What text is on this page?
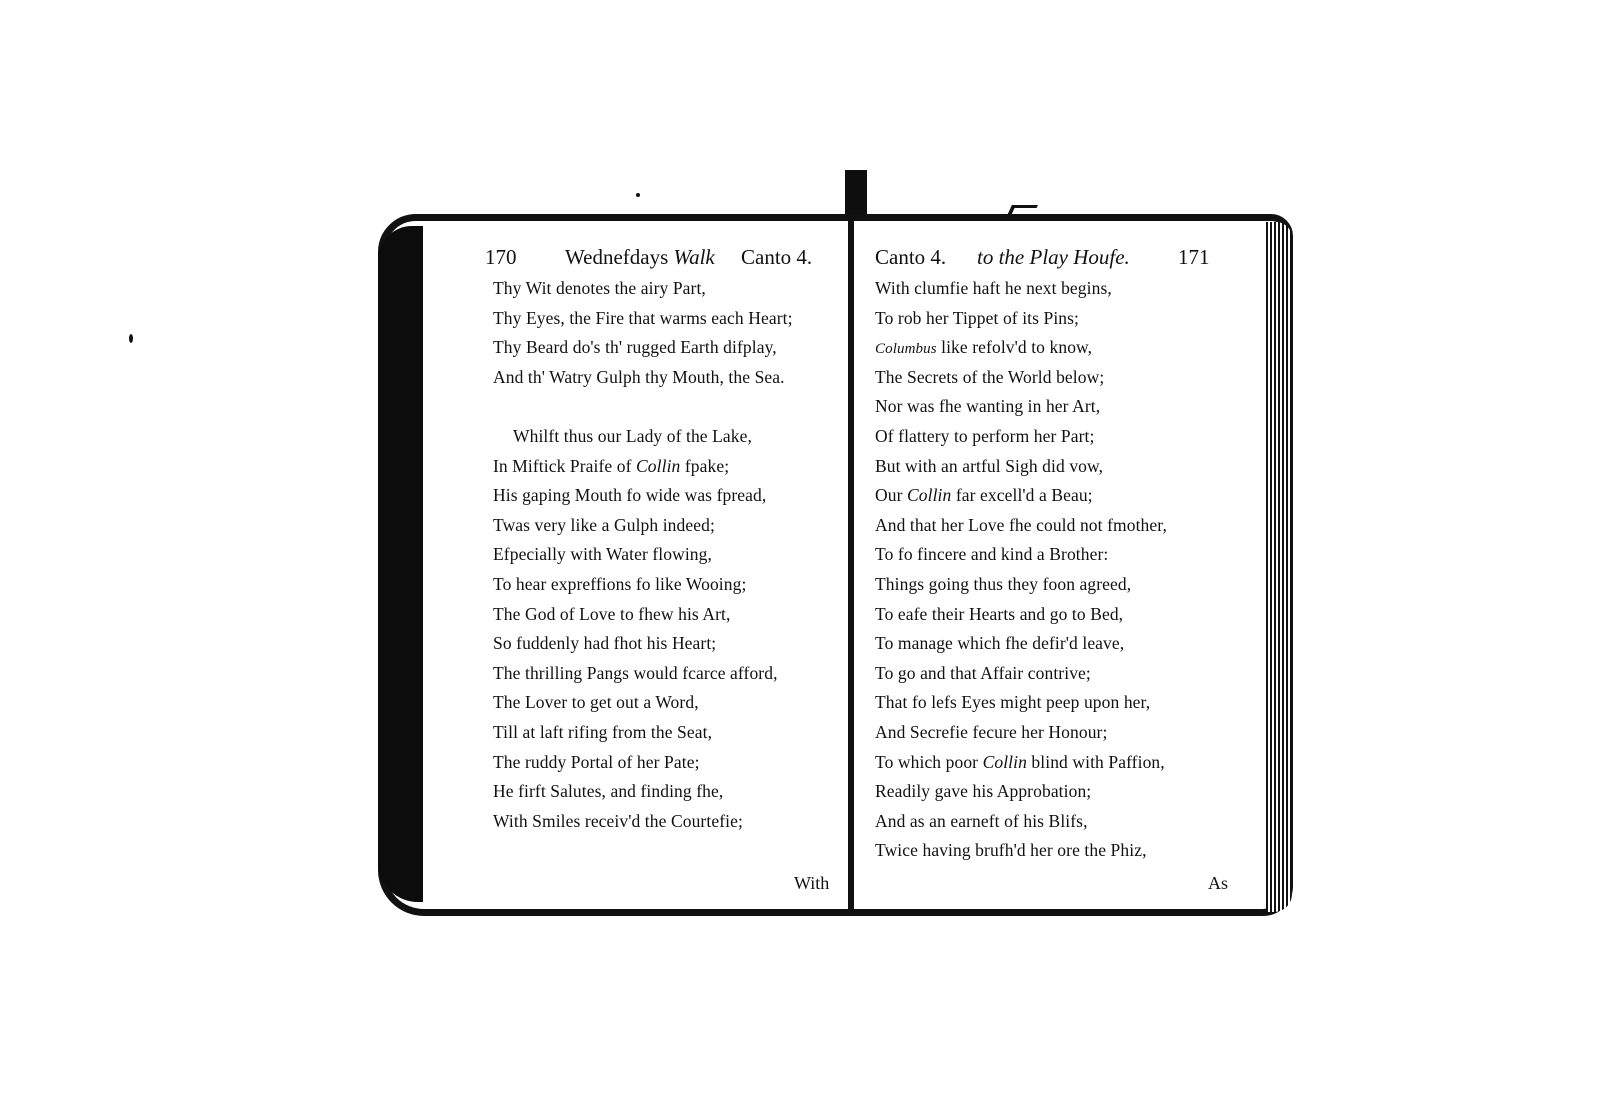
170 Wednefdays Walk Canto 4.
Thy Wit denotes the airy Part,
Thy Eyes, the Fire that warms each Heart;
Thy Beard do's th' rugged Earth difplay,
And th' Watry Gulph thy Mouth, the Sea.
Whilft thus our Lady of the Lake,
In Miftick Praife of Collin fpake;
His gaping Mouth fo wide was fpread,
Twas very like a Gulph indeed;
Efpecially with Water flowing,
To hear expreffions fo like Wooing;
The God of Love to fhew his Art,
So fuddenly had fhot his Heart;
The thrilling Pangs would fcarce afford,
The Lover to get out a Word,
Till at laft rifing from the Seat,
The ruddy Portal of her Pate;
He firft Salutes, and finding fhe,
With Smiles receiv'd the Courtefie;
With
Canto 4. to the Play Houfe. 171
With clumfie haft he next begins,
To rob her Tippet of its Pins;
Columbus like refolv'd to know,
The Secrets of the World below;
Nor was fhe wanting in her Art,
Of flattery to perform her Part;
But with an artful Sigh did vow,
Our Collin far excell'd a Beau;
And that her Love fhe could not fmother,
To fo fincere and kind a Brother:
Things going thus they foon agreed,
To eafe their Hearts and go to Bed,
To manage which fhe defir'd leave,
To go and that Affair contrive;
That fo lefs Eyes might peep upon her,
And Secrefie fecure her Honour;
To which poor Collin blind with Paffion,
Readily gave his Approbation;
And as an earneft of his Blifs,
Twice having brufh'd her ore the Phiz,
As
